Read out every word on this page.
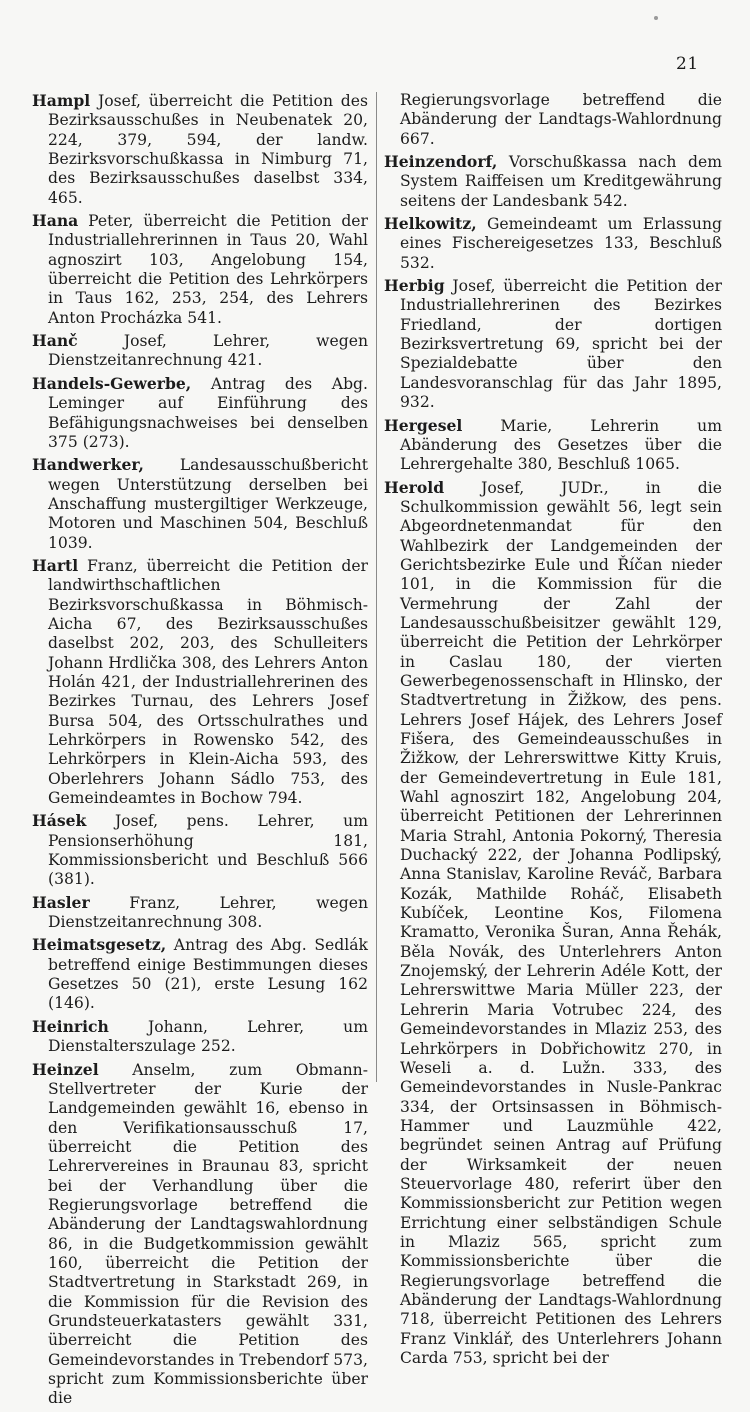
21

Hampl Josef, überreicht die Petition des Bezirksausschußes in Neubenatek 20, 224, 379, 594, der landw. Bezirksvorschußkassa in Nimburg 71, des Bezirksausschußes daselbst 334, 465.

Hana Peter, überreicht die Petition der Industriallehrerinnen in Taus 20, Wahl agnoszirt 103, Angelobung 154, überreicht die Petition des Lehrkörpers in Taus 162, 253, 254, des Lehrers Anton Procházka 541.

Hanč Josef, Lehrer, wegen Dienstzeitanrechnung 421.

Handels-Gewerbe, Antrag des Abg. Leminger auf Einführung des Befähigungsnachweises bei denselben 375 (273).

Handwerker, Landesausschußbericht wegen Unterstützung derselben bei Anschaffung mustergiltiger Werkzeuge, Motoren und Maschinen 504, Beschluß 1039.

Hartl Franz, überreicht die Petition der landwirthschaftlichen Bezirksvorschußkassa in Böhmisch-Aicha 67, des Bezirksausschußes daselbst 202, 203, des Schulleiters Johann Hrdlička 308, des Lehrers Anton Holán 421, der Industriallehrerinen des Bezirkes Turnau, des Lehrers Josef Bursa 504, des Ortsschulrathes und Lehrkörpers in Rowensko 542, des Lehrkörpers in Klein-Aicha 593, des Oberlehrers Johann Sádlo 753, des Gemeindeamtes in Bochow 794.

Hásek Josef, pens. Lehrer, um Pensionserhöhung 181, Kommissionsbericht und Beschluß 566 (381).

Hasler Franz, Lehrer, wegen Dienstzeitanrechnung 308.

Heimatsgesetz, Antrag des Abg. Sedlák betreffend einige Bestimmungen dieses Gesetzes 50 (21), erste Lesung 162 (146).

Heinrich Johann, Lehrer, um Dienstalterszulage 252.

Heinzel Anselm, zum Obmann-Stellvertreter der Kurie der Landgemeinden gewählt 16, ebenso in den Verifikationsausschuß 17, überreicht die Petition des Lehrervereines in Braunau 83, spricht bei der Verhandlung über die Regierungsvorlage betreffend die Abänderung der Landtagswahlordnung 86, in die Budgetkommission gewählt 160, überreicht die Petition der Stadtvertretung in Starkstadt 269, in die Kommission für die Revision des Grundsteuerkatasters gewählt 331, überreicht die Petition des Gemeindevorstandes in Trebendorf 573, spricht zum Kommissionsberichte über die

Regierungsvorlage betreffend die Abänderung der Landtags-Wahlordnung 667.

Heinzendorf, Vorschußkassa nach dem System Raiffeisen um Kreditgewährung seitens der Landesbank 542.

Helkowitz, Gemeindeamt um Erlassung eines Fischereigesetzes 133, Beschluß 532.

Herbig Josef, überreicht die Petition der Industriallehrerinen des Bezirkes Friedland, der dortigen Bezirksvertretung 69, spricht bei der Spezialdebatte über den Landesvoranschlag für das Jahr 1895, 932.

Hergesel Marie, Lehrerin um Abänderung des Gesetzes über die Lehrergehalte 380, Beschluß 1065.

Herold Josef, JUDr., in die Schulkommission gewählt 56, legt sein Abgeordnetenmandat für den Wahlbezirk der Landgemeinden der Gerichtsbezirke Eule und Říčan nieder 101, in die Kommission für die Vermehrung der Zahl der Landesausschußbeisitzer gewählt 129, überreicht die Petition der Lehrkörper in Caslau 180, der vierten Gewerbegenossenschaft in Hlinsko, der Stadtvertretung in Žižkow, des pens. Lehrers Josef Hájek, des Lehrers Josef Fišera, des Gemeindeausschußes in Žižkow, der Lehrerswittwe Kitty Kruis, der Gemeindevertretung in Eule 181, Wahl agnoszirt 182, Angelobung 204, überreicht Petitionen der Lehrerinnen Maria Strahl, Antonia Pokorný, Theresia Duchacký 222, der Johanna Podlipský, Anna Stanislav, Karoline Reváč, Barbara Kozák, Mathilde Roháč, Elisabeth Kubíček, Leontine Kos, Filomena Kramatto, Veronika Šuran, Anna Řehák, Běla Novák, des Unterlehrers Anton Znojemský, der Lehrerin Adéle Kott, der Lehrerswittwe Maria Müller 223, der Lehrerin Maria Votrubec 224, des Gemeindevorstandes in Mlaziz 253, des Lehrkörpers in Dobřichowitz 270, in Weseli a. d. Lužn. 333, des Gemeindevorstandes in Nusle-Pankrac 334, der Ortsinsassen in Böhmisch-Hammer und Lauzmühle 422, begründet seinen Antrag auf Prüfung der Wirksamkeit der neuen Steuervorlage 480, referirt über den Kommissionsbericht zur Petition wegen Errichtung einer selbständigen Schule in Mlaziz 565, spricht zum Kommissionsberichte über die Regierungsvorlage betreffend die Abänderung der Landtags-Wahlordnung 718, überreicht Petitionen des Lehrers Franz Vinklář, des Unterlehrers Johann Carda 753, spricht bei der
